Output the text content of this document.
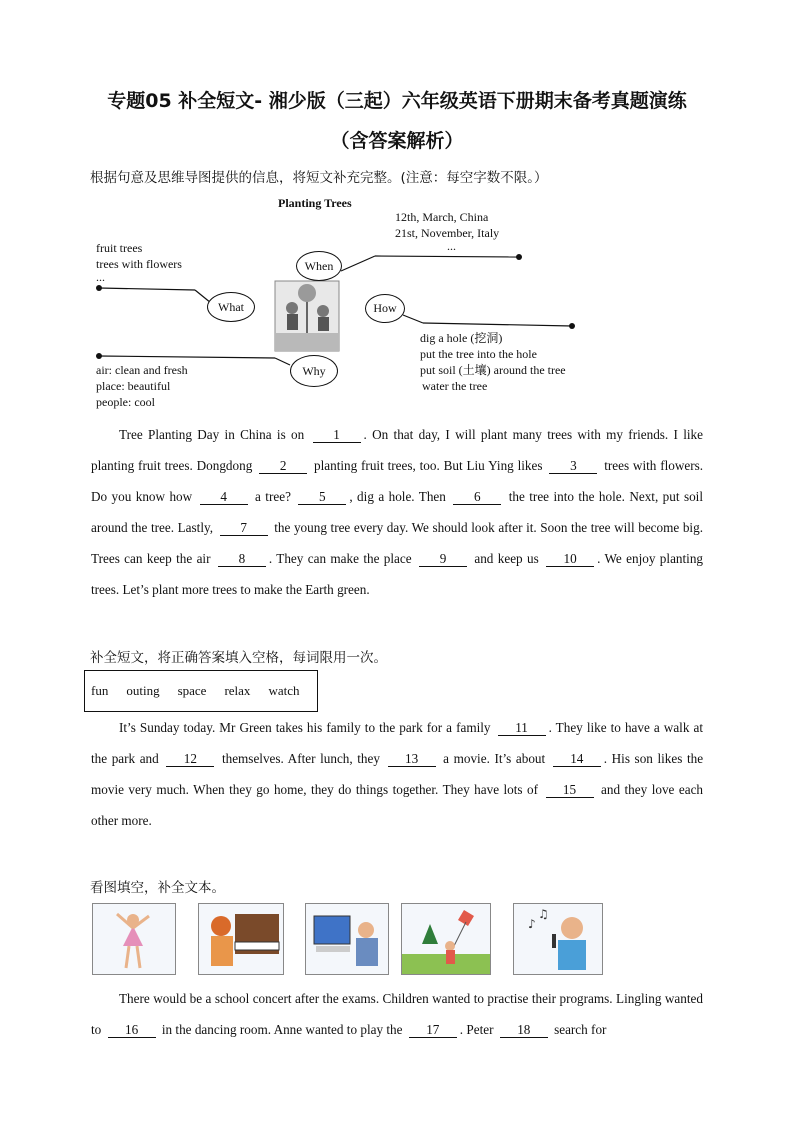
专题05 补全短文- 湘少版（三起）六年级英语下册期末备考真题演练
（含答案解析）
根据句意及思维导图提供的信息，将短文补充完整。(注意：每空字数不限。）
Planting Trees
When
What	How
Why
fruit trees
trees with flowers
...
12th, March, China
21st, November, Italy
...
dig a hole (挖洞)
put the tree into the hole
put soil (土壤) around the tree
water the tree
air: clean and fresh
place: beautiful
people: cool
Tree Planting Day in China is on 1 . On that day, I will plant many trees with my friends. I like planting fruit trees. Dongdong 2 planting fruit trees, too. But Liu Ying likes 3 trees with flowers. Do you know how 4 a tree? 5 , dig a hole. Then 6 the tree into the hole. Next, put soil around the tree. Lastly, 7 the young tree every day. We should look after it. Soon the tree will become big. Trees can keep the air 8 . They can make the place 9 and keep us 10 . We enjoy planting trees. Let’s plant more trees to make the Earth green.
补全短文，将正确答案填入空格，每词限用一次。
fun outing space relax watch
It’s Sunday today. Mr Green takes his family to the park for a family 11 . They like to have a walk at the park and 12 themselves. After lunch, they 13 a movie. It’s about 14 . His son likes the movie very much. When they go home, they do things together. They have lots of 15 and they love each other more.
看图填空，补全文本。
♪
♫
There would be a school concert after the exams. Children wanted to practise their programs. Lingling wanted to 16 in the dancing room. Anne wanted to play the 17 . Peter 18 search for
